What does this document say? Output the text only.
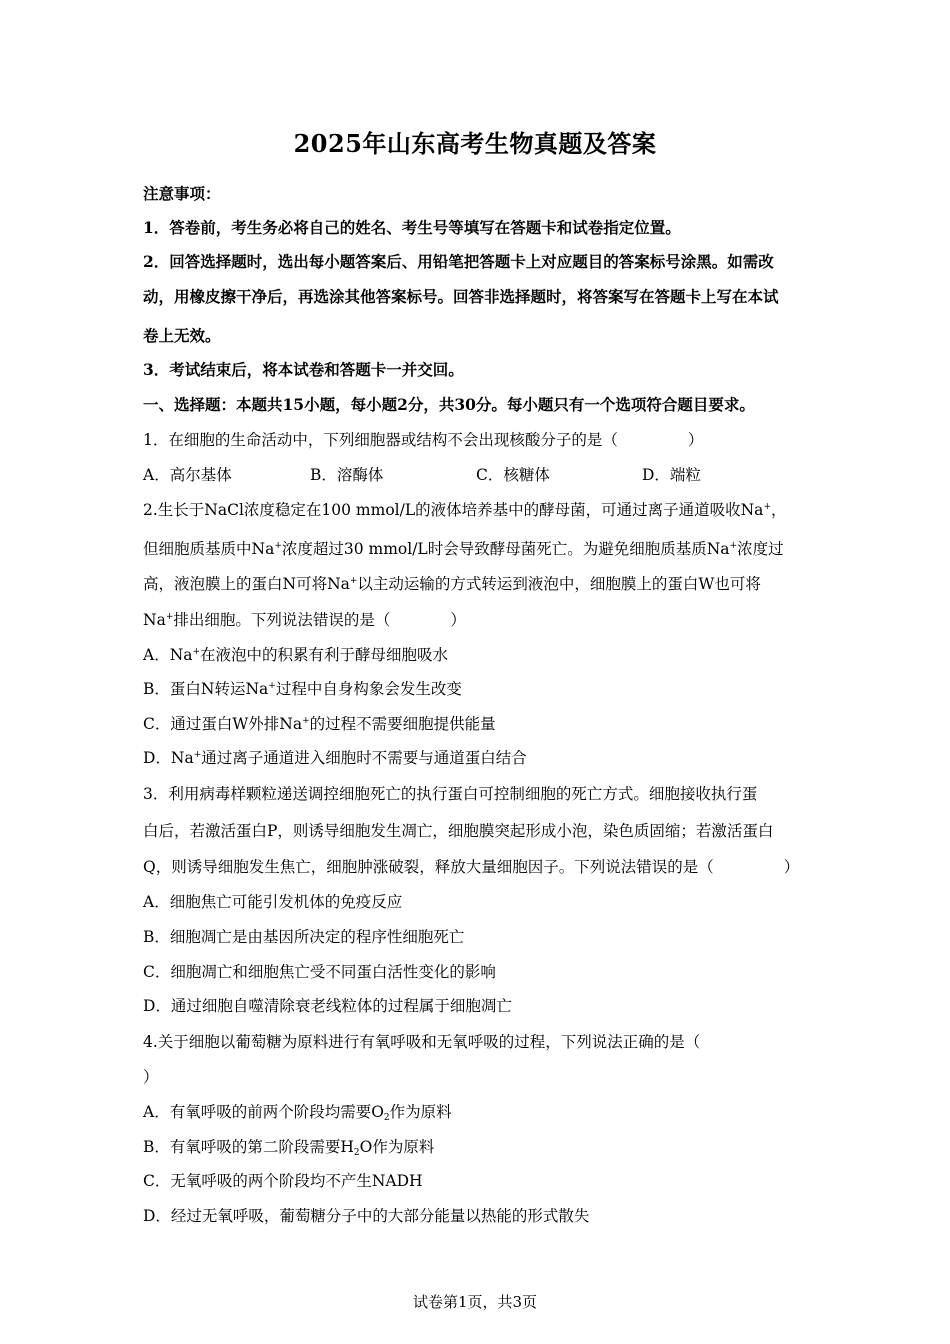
2025年山东高考生物真题及答案
注意事项：
1．答卷前，考生务必将自己的姓名、考生号等填写在答题卡和试卷指定位置。
2．回答选择题时，选出每小题答案后、用铅笔把答题卡上对应题目的答案标号涂黑。如需改
动，用橡皮擦干净后，再选涂其他答案标号。回答非选择题时，将答案写在答题卡上写在本试
卷上无效。
3．考试结束后，将本试卷和答题卡一并交回。
一、选择题：本题共15小题，每小题2分，共30分。每小题只有一个选项符合题目要求。
1．在细胞的生命活动中，下列细胞器或结构不会出现核酸分子的是（	）
A．高尔基体	B．溶酶体	C．核糖体	D．端粒
2.生长于NaCl浓度稳定在100 mmol/L的液体培养基中的酵母菌，可通过离子通道吸收Na+，
但细胞质基质中Na+浓度超过30 mmol/L时会导致酵母菌死亡。为避免细胞质基质Na+浓度过
高，液泡膜上的蛋白N可将Na+以主动运输的方式转运到液泡中，细胞膜上的蛋白W也可将
Na+排出细胞。下列说法错误的是（	）
A．Na+在液泡中的积累有利于酵母细胞吸水
B．蛋白N转运Na+过程中自身构象会发生改变
C．通过蛋白W外排Na+的过程不需要细胞提供能量
D．Na+通过离子通道进入细胞时不需要与通道蛋白结合
3．利用病毒样颗粒递送调控细胞死亡的执行蛋白可控制细胞的死亡方式。细胞接收执行蛋
白后，若激活蛋白P，则诱导细胞发生凋亡，细胞膜突起形成小泡，染色质固缩；若激活蛋白
Q，则诱导细胞发生焦亡，细胞肿涨破裂，释放大量细胞因子。下列说法错误的是（	）
A．细胞焦亡可能引发机体的免疫反应
B．细胞凋亡是由基因所决定的程序性细胞死亡
C．细胞凋亡和细胞焦亡受不同蛋白活性变化的影响
D．通过细胞自噬清除衰老线粒体的过程属于细胞凋亡
4.关于细胞以葡萄糖为原料进行有氧呼吸和无氧呼吸的过程，下列说法正确的是（
）
A．有氧呼吸的前两个阶段均需要$O_2$作为原料
B．有氧呼吸的第二阶段需要$H_2O$作为原料
C．无氧呼吸的两个阶段均不产生NADH
D．经过无氧呼吸，葡萄糖分子中的大部分能量以热能的形式散失
试卷第1页，共3页
